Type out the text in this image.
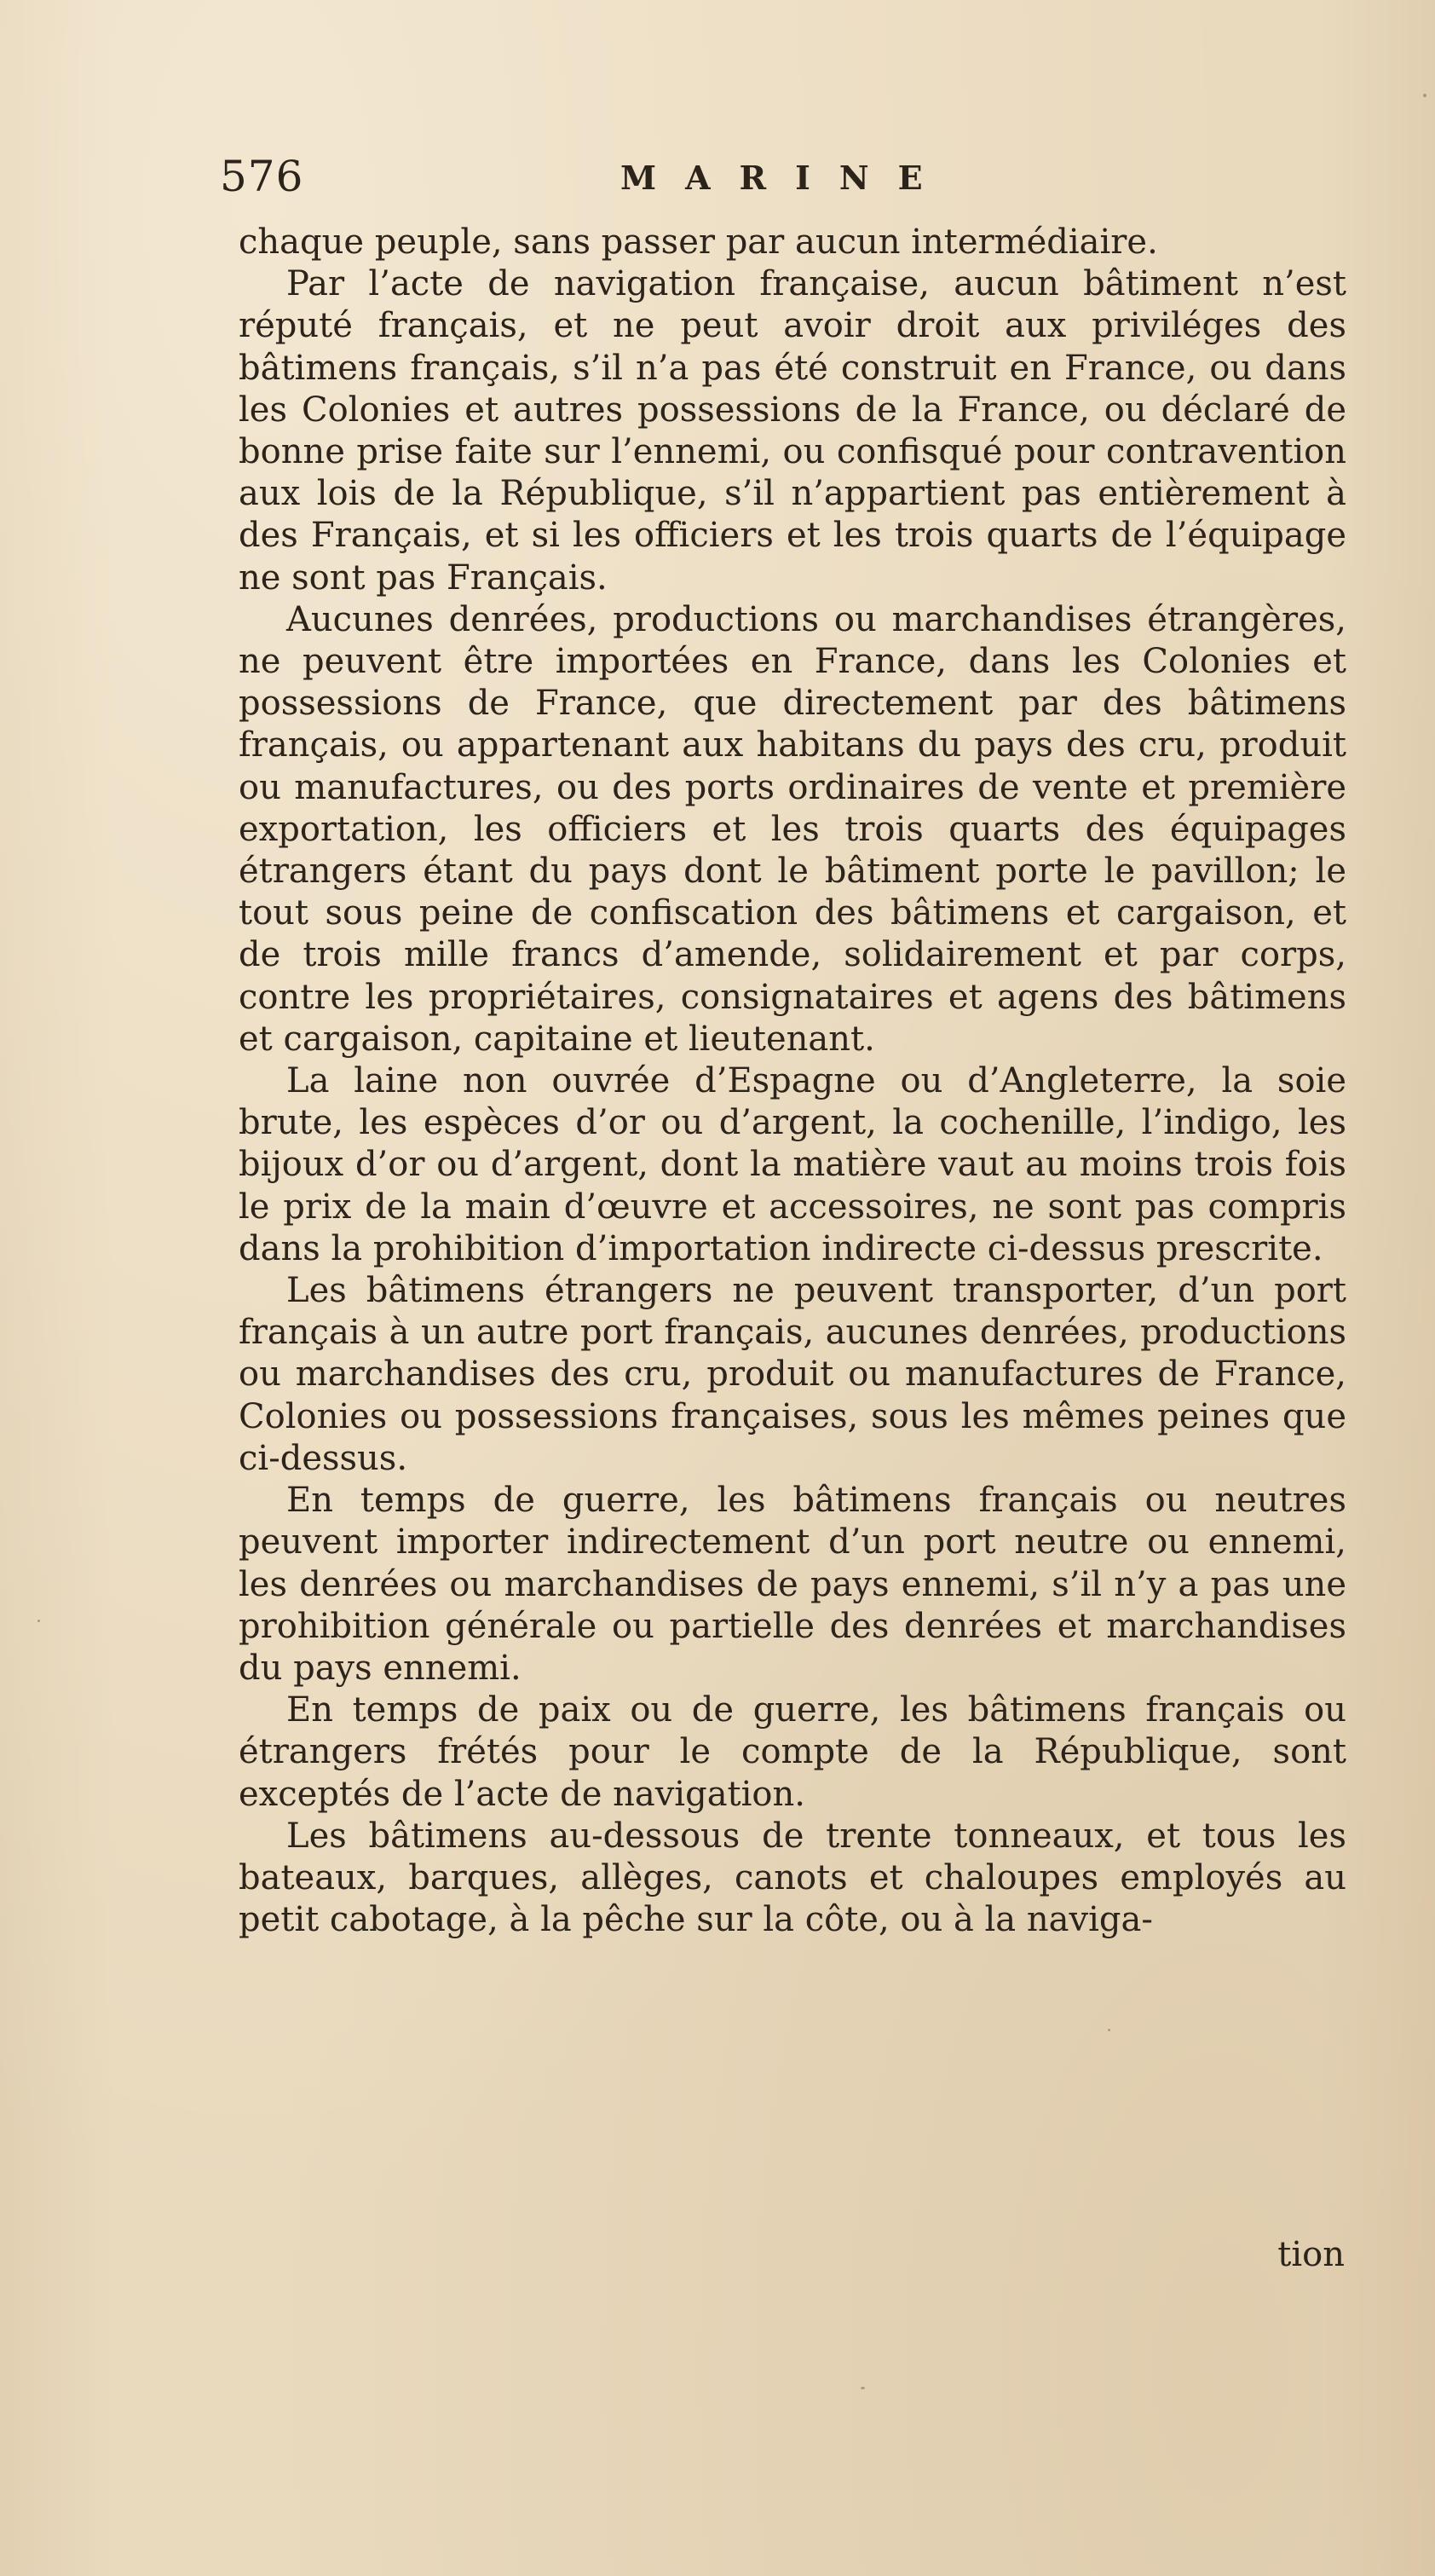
576	MARINE

chaque peuple, sans passer par aucun intermédiaire.

Par l’acte de navigation française, aucun bâtiment n’est réputé français, et ne peut avoir droit aux priviléges des bâtimens français, s’il n’a pas été construit en France, ou dans les Colonies et autres possessions de la France, ou déclaré de bonne prise faite sur l’ennemi, ou confisqué pour contravention aux lois de la République, s’il n’appartient pas entièrement à des Français, et si les officiers et les trois quarts de l’équipage ne sont pas Français.

Aucunes denrées, productions ou marchandises étrangères, ne peuvent être importées en France, dans les Colonies et possessions de France, que directement par des bâtimens français, ou appartenant aux habitans du pays des cru, produit ou manufactures, ou des ports ordinaires de vente et première exportation, les officiers et les trois quarts des équipages étrangers étant du pays dont le bâtiment porte le pavillon; le tout sous peine de confiscation des bâtimens et cargaison, et de trois mille francs d’amende, solidairement et par corps, contre les propriétaires, consignataires et agens des bâtimens et cargaison, capitaine et lieutenant.

La laine non ouvrée d’Espagne ou d’Angleterre, la soie brute, les espèces d’or ou d’argent, la cochenille, l’indigo, les bijoux d’or ou d’argent, dont la matière vaut au moins trois fois le prix de la main d’œuvre et accessoires, ne sont pas compris dans la prohibition d’importation indirecte ci-dessus prescrite.

Les bâtimens étrangers ne peuvent transporter, d’un port français à un autre port français, aucunes denrées, productions ou marchandises des cru, produit ou manufactures de France, Colonies ou possessions françaises, sous les mêmes peines que ci-dessus.

En temps de guerre, les bâtimens français ou neutres peuvent importer indirectement d’un port neutre ou ennemi, les denrées ou marchandises de pays ennemi, s’il n’y a pas une prohibition générale ou partielle des denrées et marchandises du pays ennemi.

En temps de paix ou de guerre, les bâtimens français ou étrangers frétés pour le compte de la République, sont exceptés de l’acte de navigation.

Les bâtimens au-dessous de trente tonneaux, et tous les bateaux, barques, allèges, canots et chaloupes employés au petit cabotage, à la pêche sur la côte, ou à la naviga-

tion
